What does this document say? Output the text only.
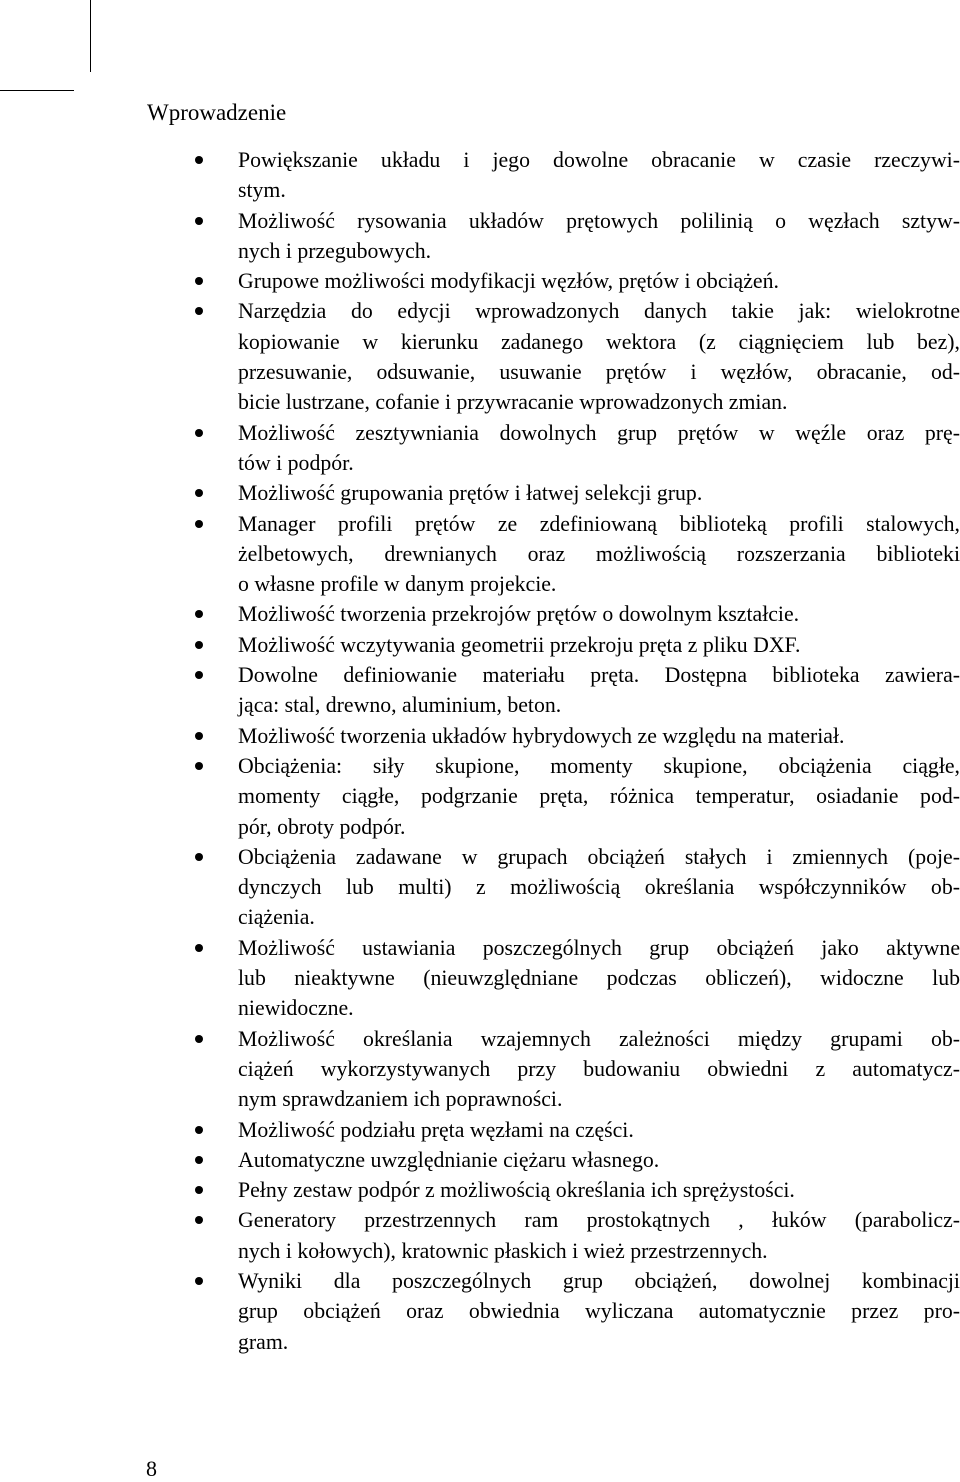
Wprowadzenie
Powiększanie układu i jego dowolne obracanie w czasie rzeczywi-
stym.
Możliwość rysowania układów prętowych polilinią o węzłach sztyw-
nych i przegubowych.
Grupowe możliwości modyfikacji węzłów, prętów i obciążeń.
Narzędzia do edycji wprowadzonych danych takie jak: wielokrotne
kopiowanie w kierunku zadanego wektora (z ciągnięciem lub bez),
przesuwanie, odsuwanie, usuwanie prętów i węzłów, obracanie, od-
bicie lustrzane, cofanie i przywracanie wprowadzonych zmian.
Możliwość zesztywniania dowolnych grup prętów w węźle oraz prę-
tów i podpór.
Możliwość grupowania prętów i łatwej selekcji grup.
Manager profili prętów ze zdefiniowaną biblioteką profili stalowych,
żelbetowych, drewnianych oraz możliwością rozszerzania biblioteki
o własne profile w danym projekcie.
Możliwość tworzenia przekrojów prętów o dowolnym kształcie.
Możliwość wczytywania geometrii przekroju pręta z pliku DXF.
Dowolne definiowanie materiału pręta. Dostępna biblioteka zawiera-
jąca: stal, drewno, aluminium, beton.
Możliwość tworzenia układów hybrydowych ze względu na materiał.
Obciążenia: siły skupione, momenty skupione, obciążenia ciągłe,
momenty ciągłe, podgrzanie pręta, różnica temperatur, osiadanie pod-
pór, obroty podpór.
Obciążenia zadawane w grupach obciążeń stałych i zmiennych (poje-
dynczych lub multi) z możliwością określania współczynników ob-
ciążenia.
Możliwość ustawiania poszczególnych grup obciążeń jako aktywne
lub nieaktywne (nieuwzględniane podczas obliczeń), widoczne lub
niewidoczne.
Możliwość określania wzajemnych zależności między grupami ob-
ciążeń wykorzystywanych przy budowaniu obwiedni z automatycz-
nym sprawdzaniem ich poprawności.
Możliwość podziału pręta węzłami na części.
Automatyczne uwzględnianie ciężaru własnego.
Pełny zestaw podpór z możliwością określania ich sprężystości.
Generatory przestrzennych ram prostokątnych , łuków (parabolicz-
nych i kołowych), kratownic płaskich i wież przestrzennych.
Wyniki dla poszczególnych grup obciążeń, dowolnej kombinacji
grup obciążeń oraz obwiednia wyliczana automatycznie przez pro-
gram.
8
